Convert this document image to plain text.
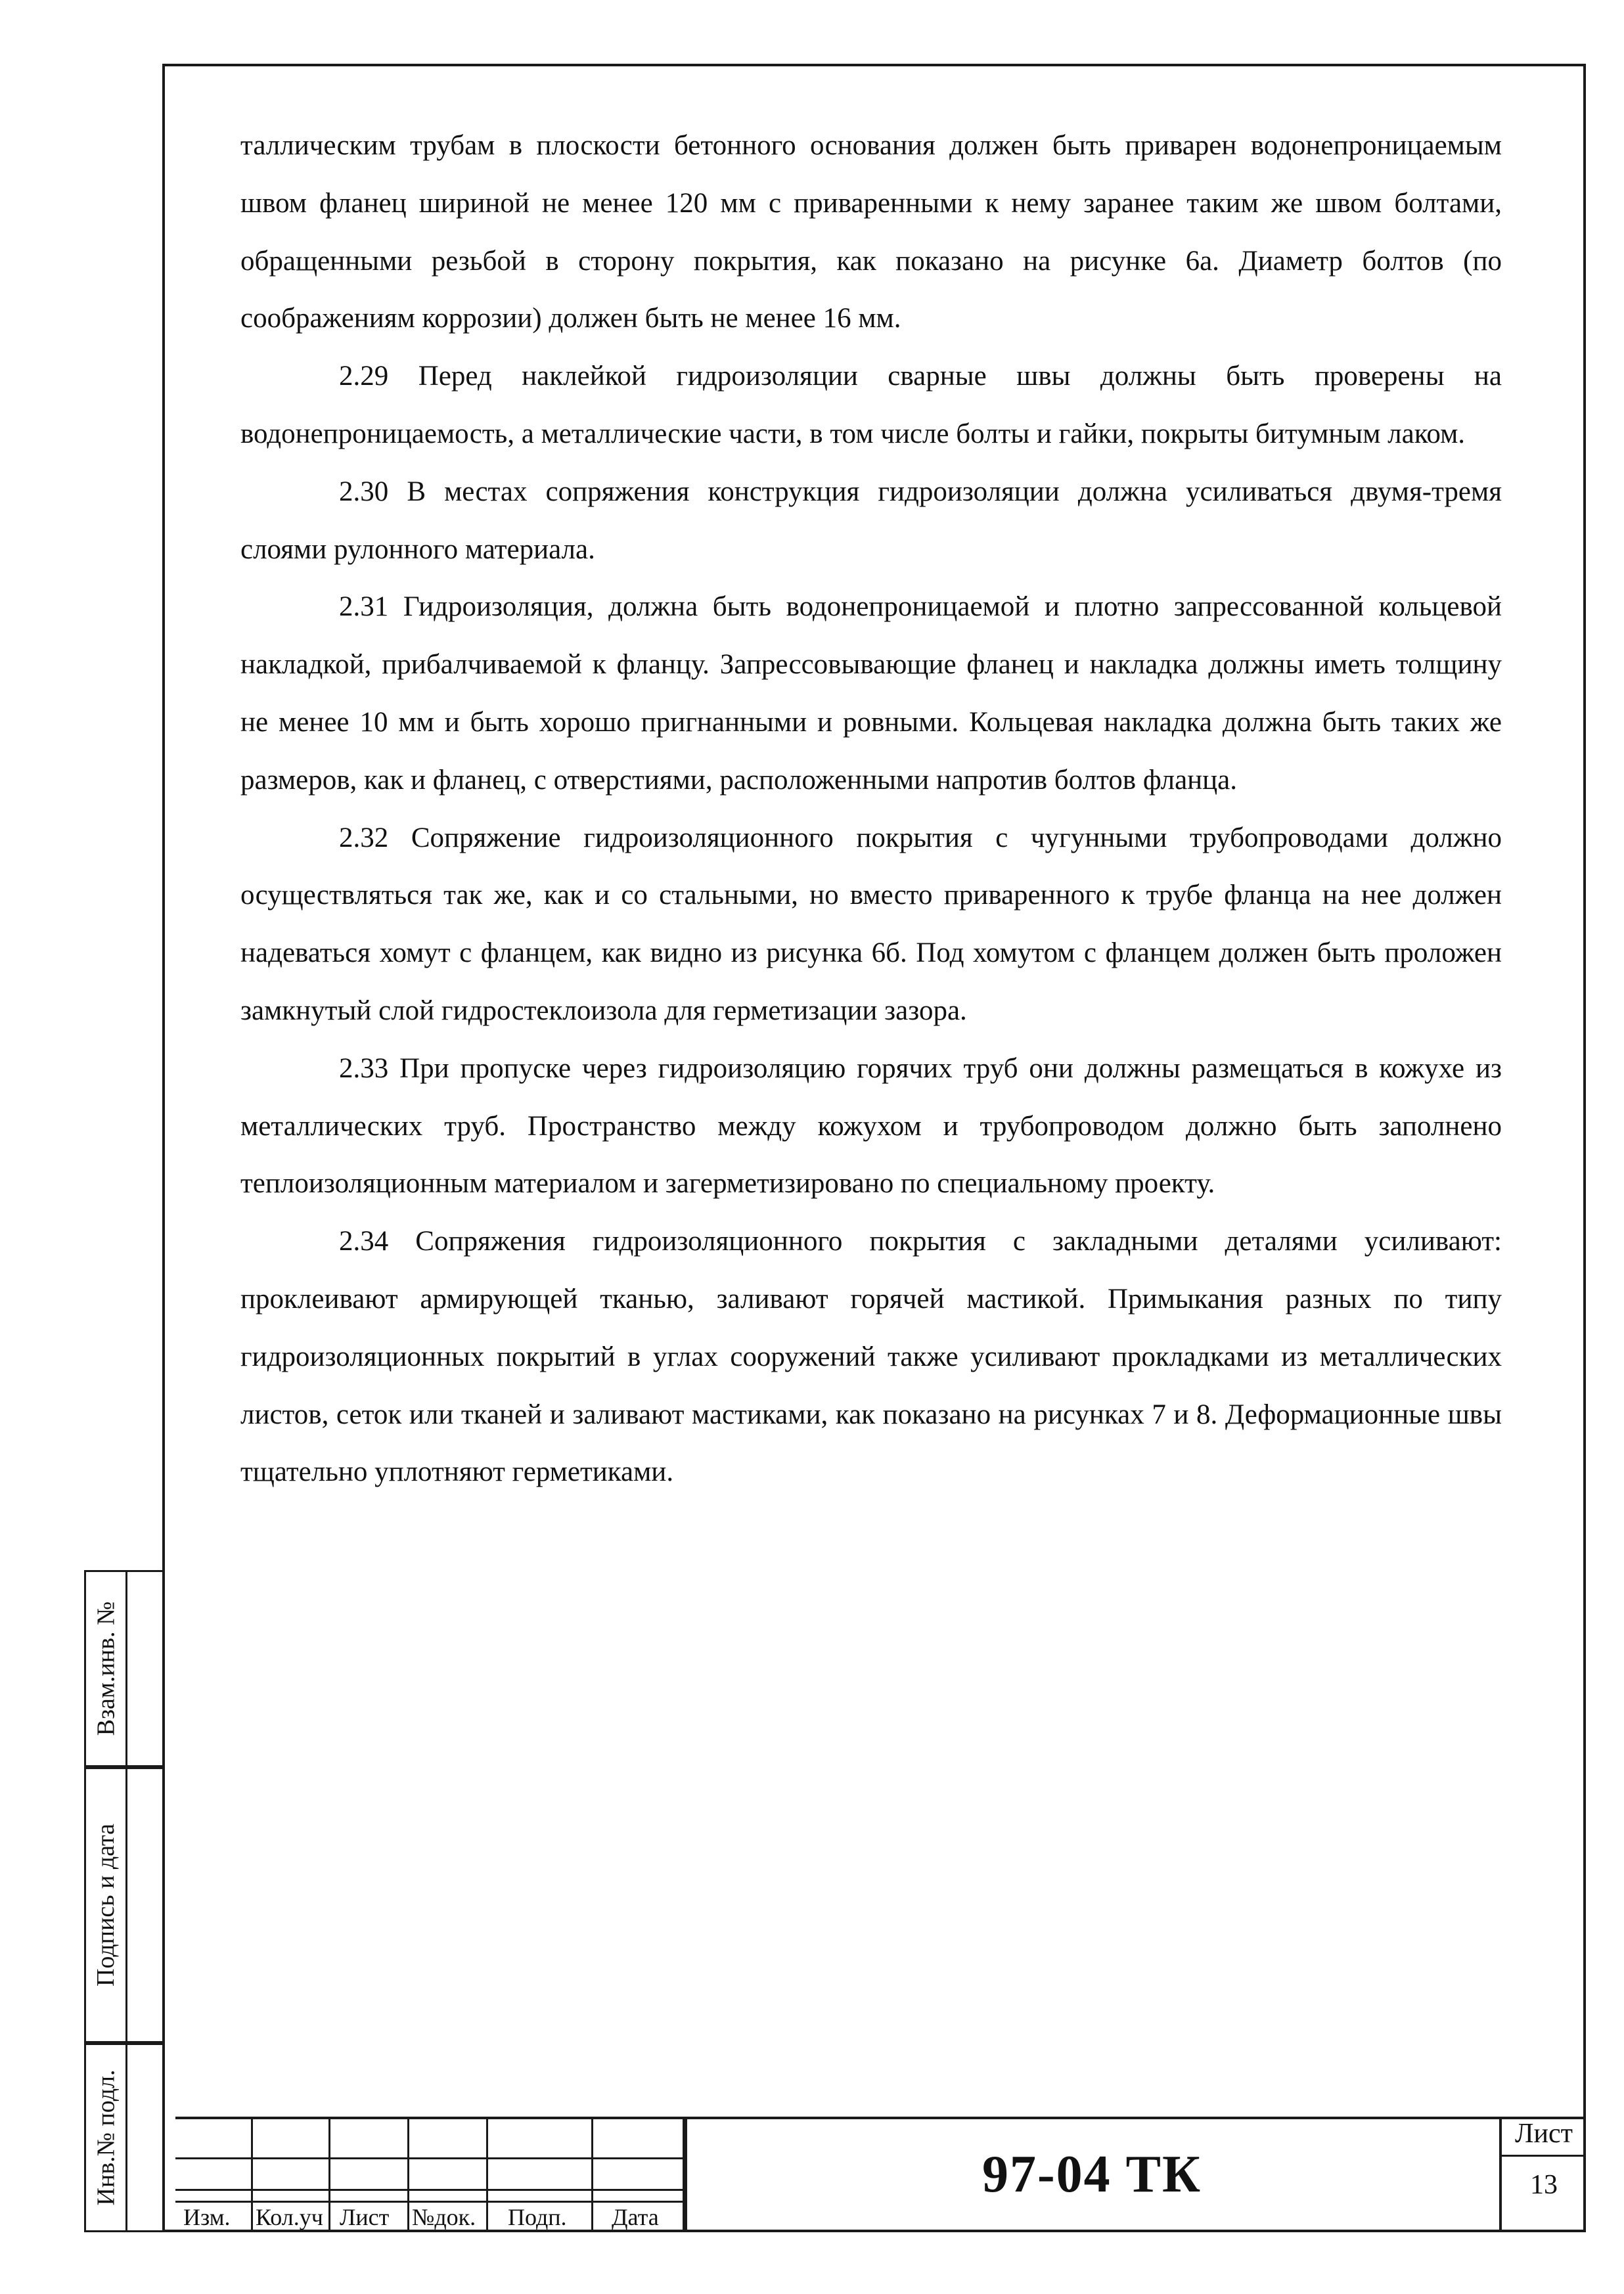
таллическим трубам в плоскости бетонного основания должен быть приварен водонепроницаемым швом фланец шириной не менее 120 мм с приваренными к нему заранее таким же швом болтами, обращенными резьбой в сторону покрытия, как показано на рисунке 6а. Диаметр болтов (по соображениям коррозии) должен быть не менее 16 мм.

2.29 Перед наклейкой гидроизоляции сварные швы должны быть проверены на водонепроницаемость, а металлические части, в том числе болты и гайки, покрыты битумным лаком.

2.30 В местах сопряжения конструкция гидроизоляции должна усиливаться двумя-тремя слоями рулонного материала.

2.31 Гидроизоляция, должна быть водонепроницаемой и плотно запрессованной кольцевой накладкой, прибалчиваемой к фланцу. Запрессовывающие фланец и накладка должны иметь толщину не менее 10 мм и быть хорошо пригнанными и ровными. Кольцевая накладка должна быть таких же размеров, как и фланец, с отверстиями, расположенными напротив болтов фланца.

2.32 Сопряжение гидроизоляционного покрытия с чугунными трубопроводами должно осуществляться так же, как и со стальными, но вместо приваренного к трубе фланца на нее должен надеваться хомут с фланцем, как видно из рисунка 6б. Под хомутом с фланцем должен быть проложен замкнутый слой гидростеклоизола для герметизации зазора.

2.33 При пропуске через гидроизоляцию горячих труб они должны размещаться в кожухе из металлических труб. Пространство между кожухом и трубопроводом должно быть заполнено теплоизоляционным материалом и загерметизировано по специальному проекту.

2.34 Сопряжения гидроизоляционного покрытия с закладными деталями усиливают: проклеивают армирующей тканью, заливают горячей мастикой. Примыкания разных по типу гидроизоляционных покрытий в углах сооружений также усиливают прокладками из металлических листов, сеток или тканей и заливают мастиками, как показано на рисунках 7 и 8. Деформационные швы тщательно уплотняют герметиками.

Взам.инв. №
Подпись и дата
Инв.№ подл.
Изм. Кол.уч Лист №док. Подп. Дата
97-04 ТК
Лист
13
